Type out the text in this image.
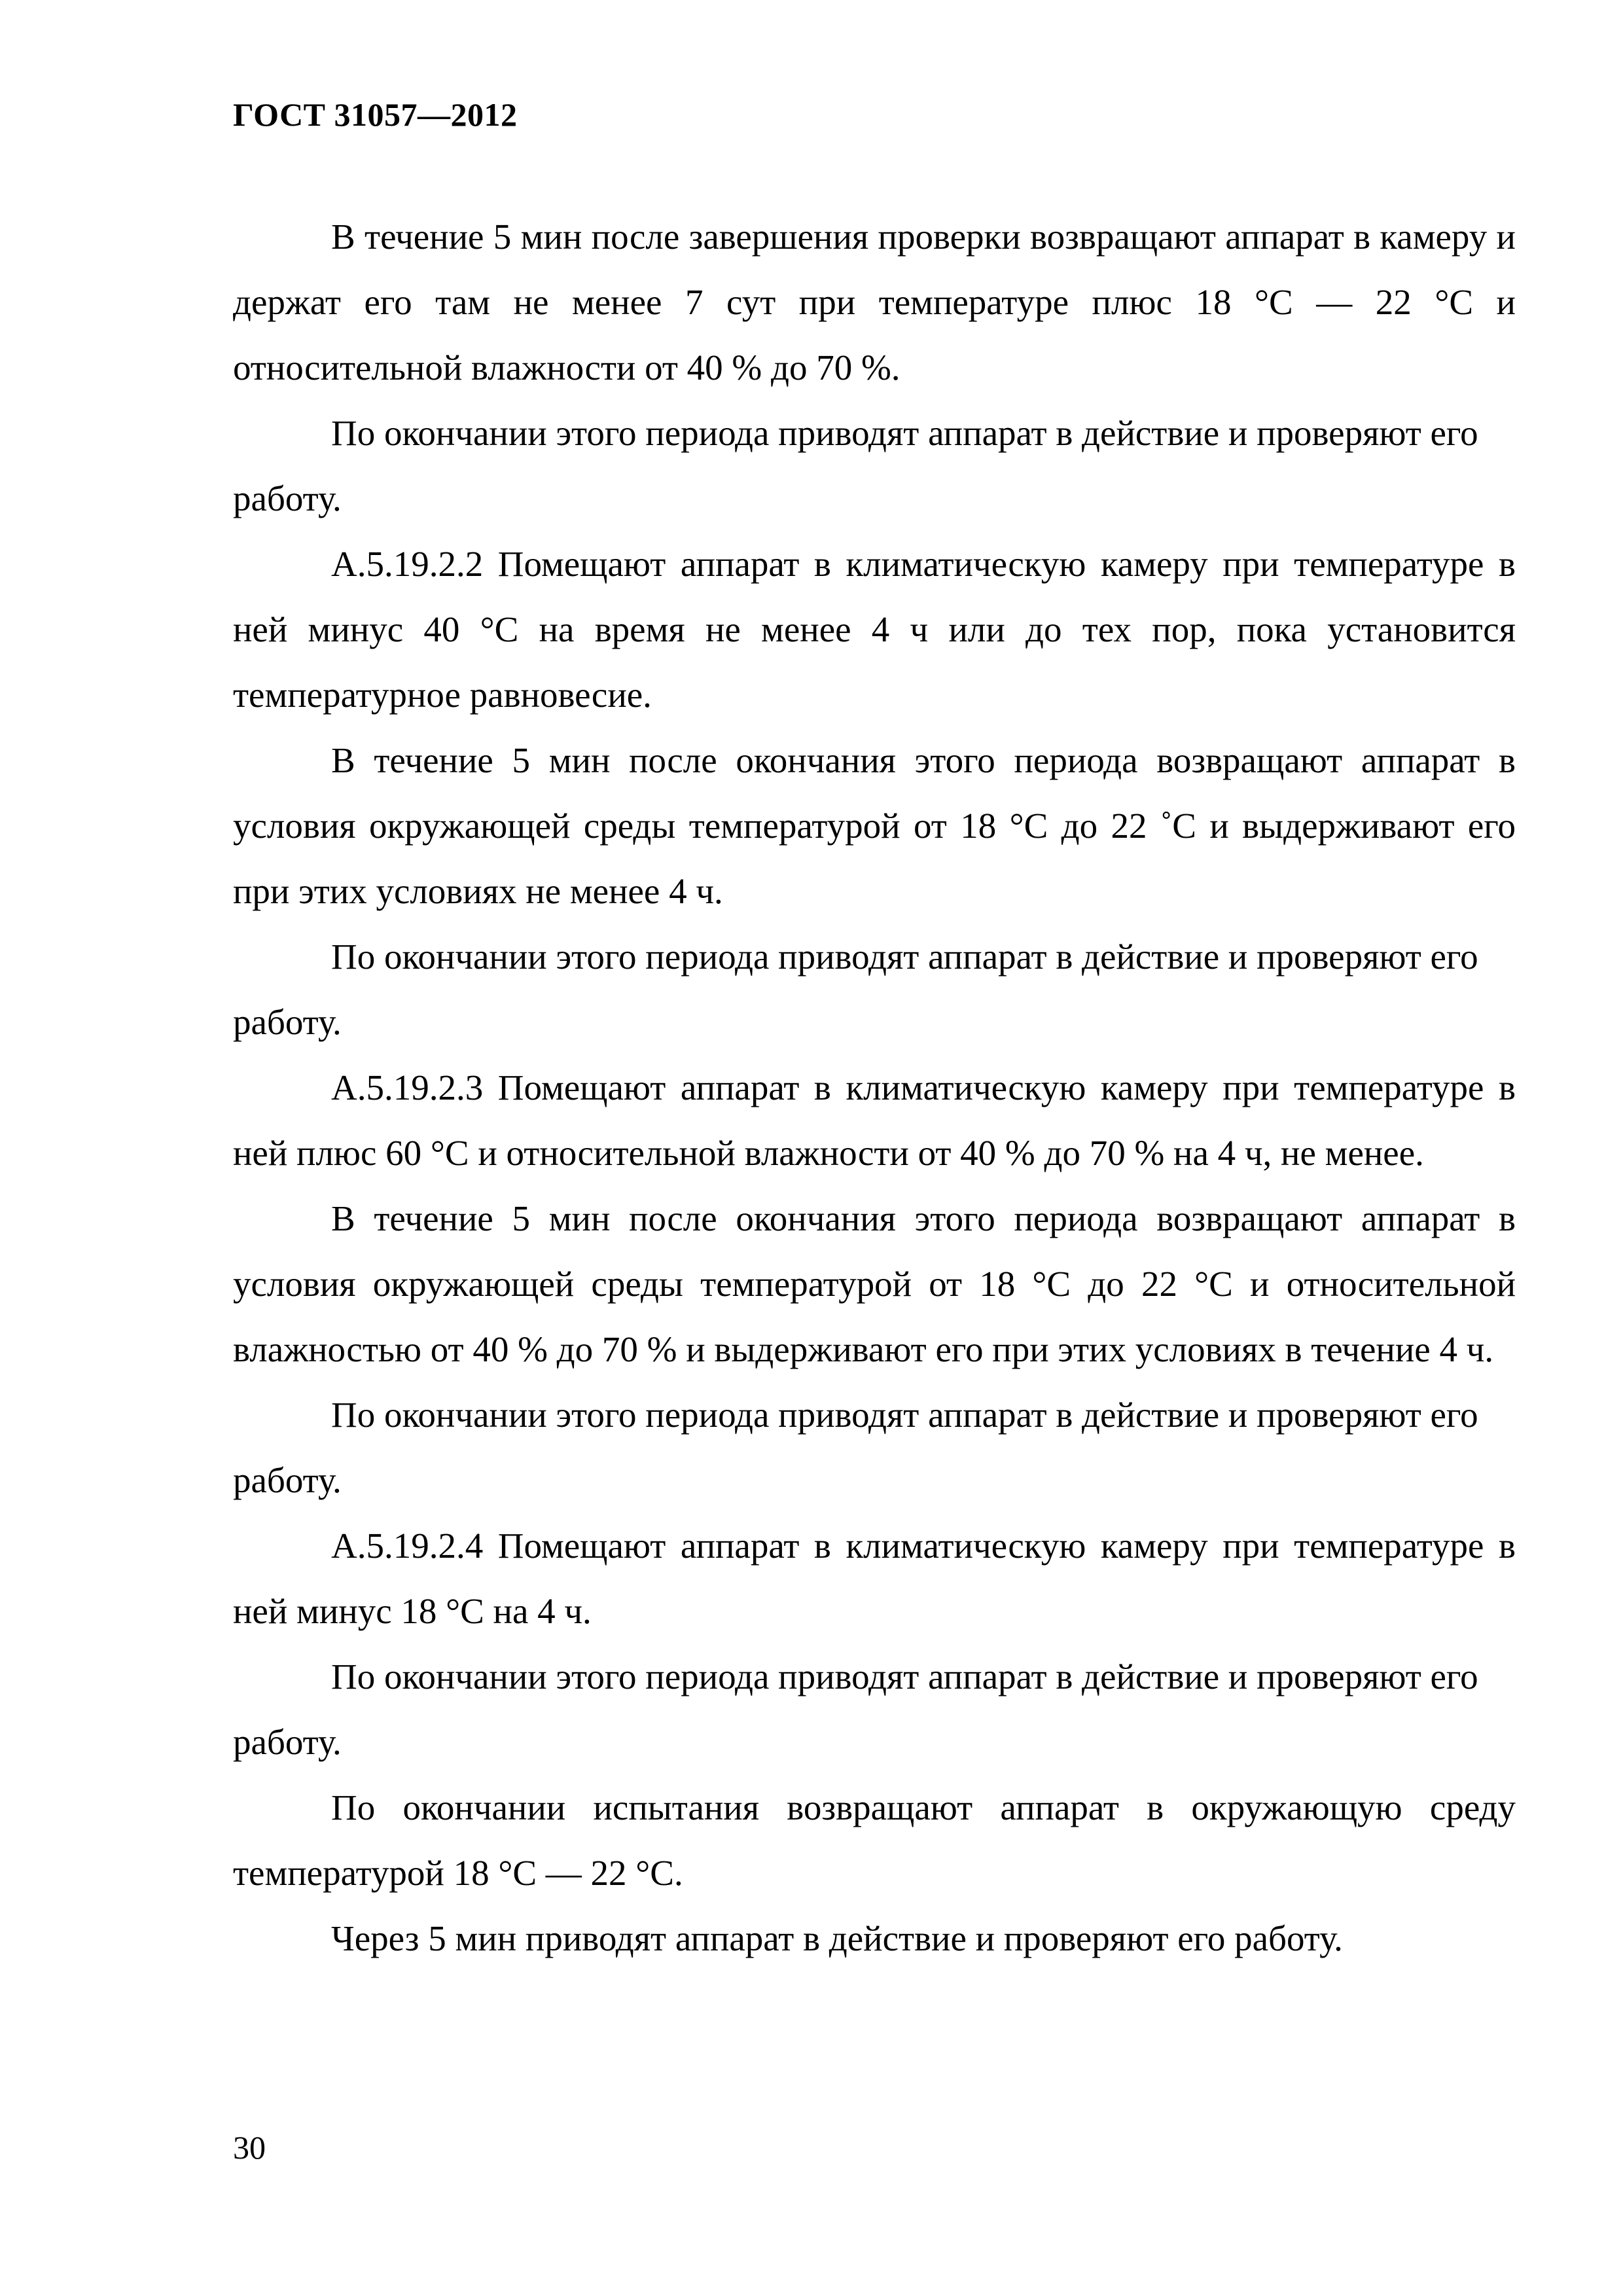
ГОСТ 31057—2012

В течение 5 мин после завершения проверки возвращают аппарат в камеру и держат его там не менее 7 сут при температуре плюс 18 °С — 22 °С и относительной влажности от 40 % до 70 %.

По окончании этого периода приводят аппарат в действие и проверяют его работу.

А.5.19.2.2 Помещают аппарат в климатическую камеру при температуре в ней минус 40 °С на время не менее 4 ч или до тех пор, пока установится температурное равновесие.

В течение 5 мин после окончания этого периода возвращают аппарат в условия окружающей среды температурой от 18 °С до 22 ˚С и выдерживают его при этих условиях не менее 4 ч.

По окончании этого периода приводят аппарат в действие и проверяют его работу.

А.5.19.2.3 Помещают аппарат в климатическую камеру при температуре в ней плюс 60 °С и относительной влажности от 40 % до 70 % на 4 ч, не менее.

В течение 5 мин после окончания этого периода возвращают аппарат в условия окружающей среды температурой от 18 °С до 22 °С и относительной влажностью от 40 % до 70 % и выдерживают его при этих условиях в течение 4 ч.

По окончании этого периода приводят аппарат в действие и проверяют его работу.

А.5.19.2.4 Помещают аппарат в климатическую камеру при температуре в ней минус 18 °С на 4 ч.

По окончании этого периода приводят аппарат в действие и проверяют его работу.

По окончании испытания возвращают аппарат в окружающую среду температурой 18 °С — 22 °С.

Через 5 мин приводят аппарат в действие и проверяют его работу.

30
